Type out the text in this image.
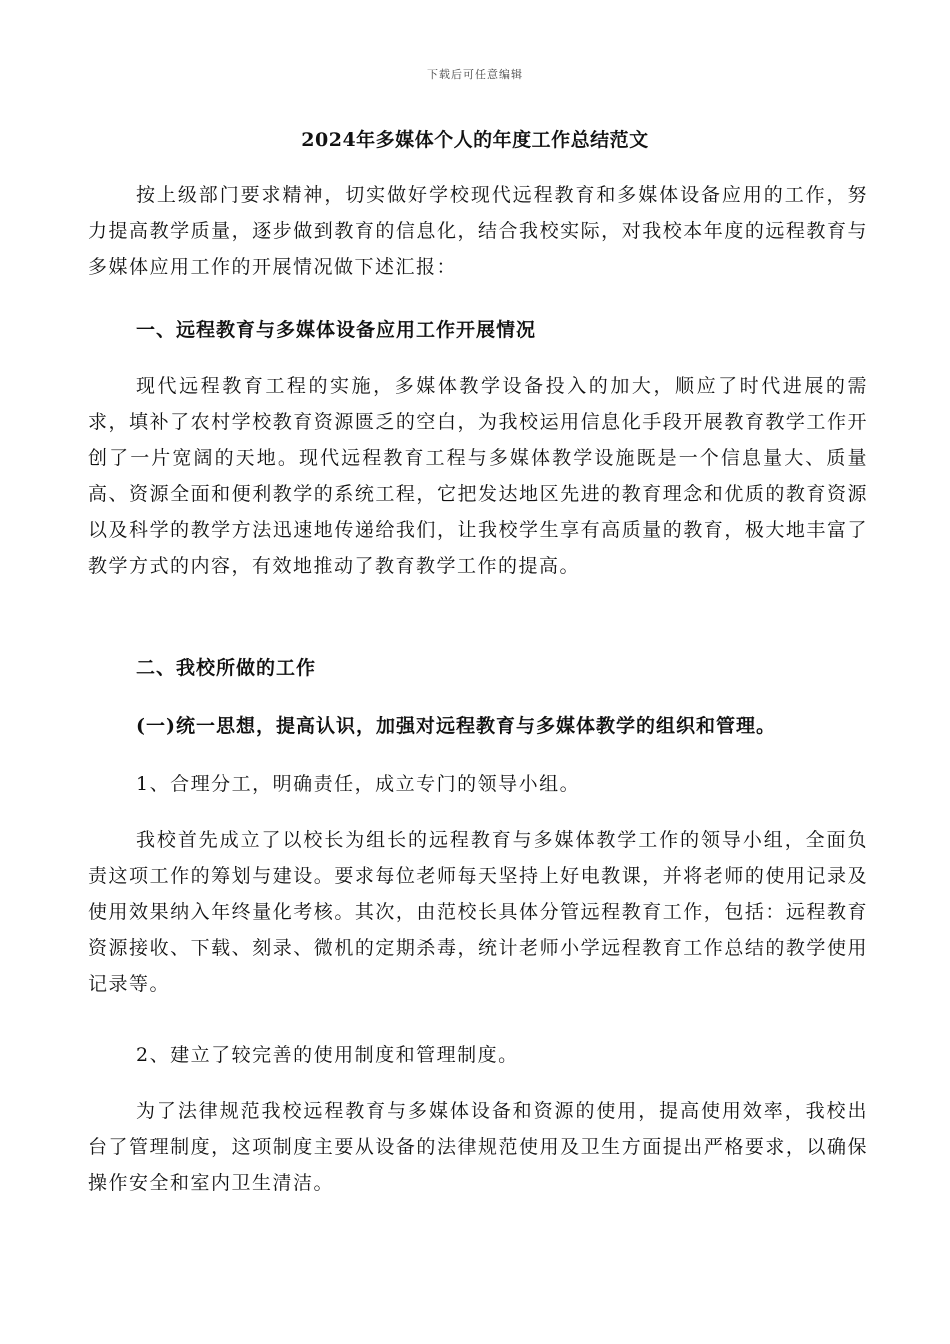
下载后可任意编辑
2024年多媒体个人的年度工作总结范文

按上级部门要求精神，切实做好学校现代远程教育和多媒体设备应用的工作，努力提高教学质量，逐步做到教育的信息化，结合我校实际，对我校本年度的远程教育与多媒体应用工作的开展情况做下述汇报：

一、远程教育与多媒体设备应用工作开展情况

现代远程教育工程的实施，多媒体教学设备投入的加大，顺应了时代进展的需求，填补了农村学校教育资源匮乏的空白，为我校运用信息化手段开展教育教学工作开创了一片宽阔的天地。现代远程教育工程与多媒体教学设施既是一个信息量大、质量高、资源全面和便利教学的系统工程，它把发达地区先进的教育理念和优质的教育资源以及科学的教学方法迅速地传递给我们，让我校学生享有高质量的教育，极大地丰富了教学方式的内容，有效地推动了教育教学工作的提高。

二、我校所做的工作

(一)统一思想，提高认识，加强对远程教育与多媒体教学的组织和管理。

1、合理分工，明确责任，成立专门的领导小组。

我校首先成立了以校长为组长的远程教育与多媒体教学工作的领导小组，全面负责这项工作的筹划与建设。要求每位老师每天坚持上好电教课，并将老师的使用记录及使用效果纳入年终量化考核。其次，由范校长具体分管远程教育工作，包括：远程教育资源接收、下载、刻录、微机的定期杀毒，统计老师小学远程教育工作总结的教学使用记录等。

2、建立了较完善的使用制度和管理制度。

为了法律规范我校远程教育与多媒体设备和资源的使用，提高使用效率，我校出台了管理制度，这项制度主要从设备的法律规范使用及卫生方面提出严格要求，以确保操作安全和室内卫生清洁。
